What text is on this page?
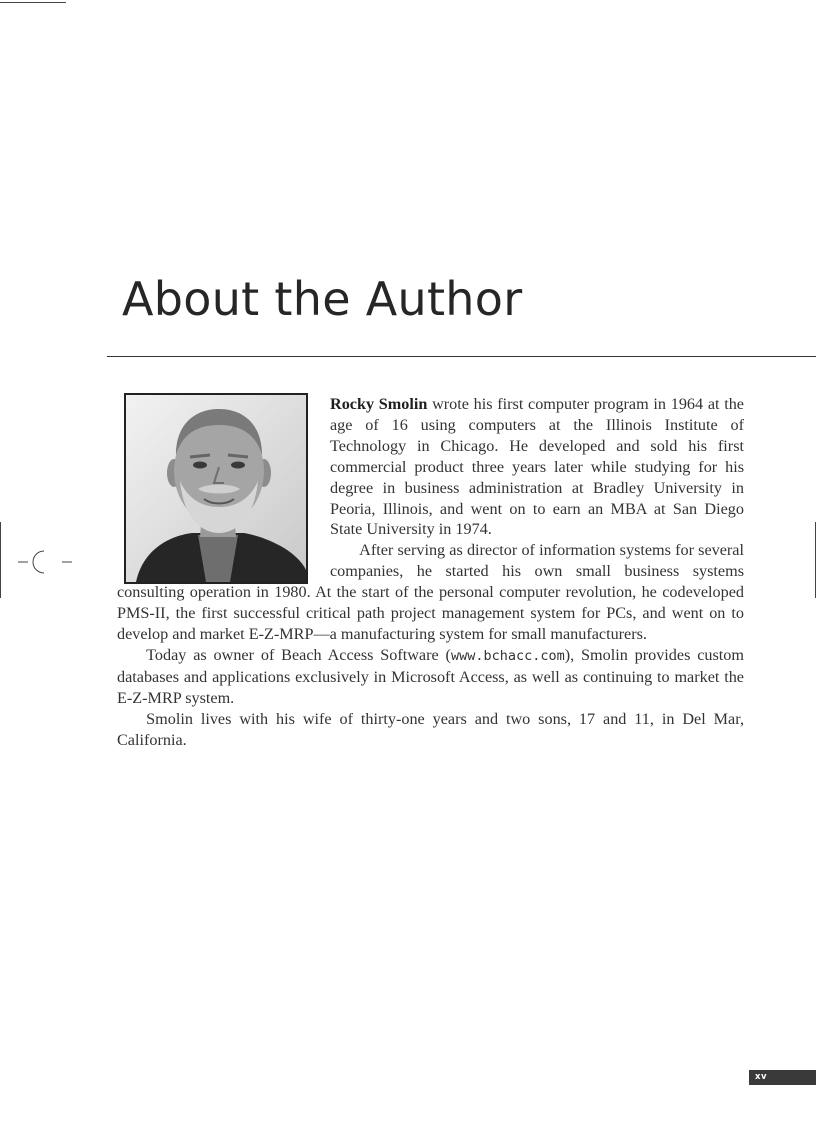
About the Author

Rocky Smolin wrote his first computer program in 1964 at the age of 16 using computers at the Illinois Institute of Technology in Chicago. He developed and sold his first commercial product three years later while studying for his degree in business administration at Bradley University in Peoria, Illinois, and went on to earn an MBA at San Diego State University in 1974.

After serving as director of information systems for several companies, he started his own small business systems consulting operation in 1980. At the start of the personal computer revolution, he codeveloped PMS-II, the first successful critical path project management system for PCs, and went on to develop and market E-Z-MRP—a manufacturing system for small manufacturers.

Today as owner of Beach Access Software (www.bchacc.com), Smolin provides custom databases and applications exclusively in Microsoft Access, as well as continuing to market the E-Z-MRP system.

Smolin lives with his wife of thirty-one years and two sons, 17 and 11, in Del Mar, California.

xv
